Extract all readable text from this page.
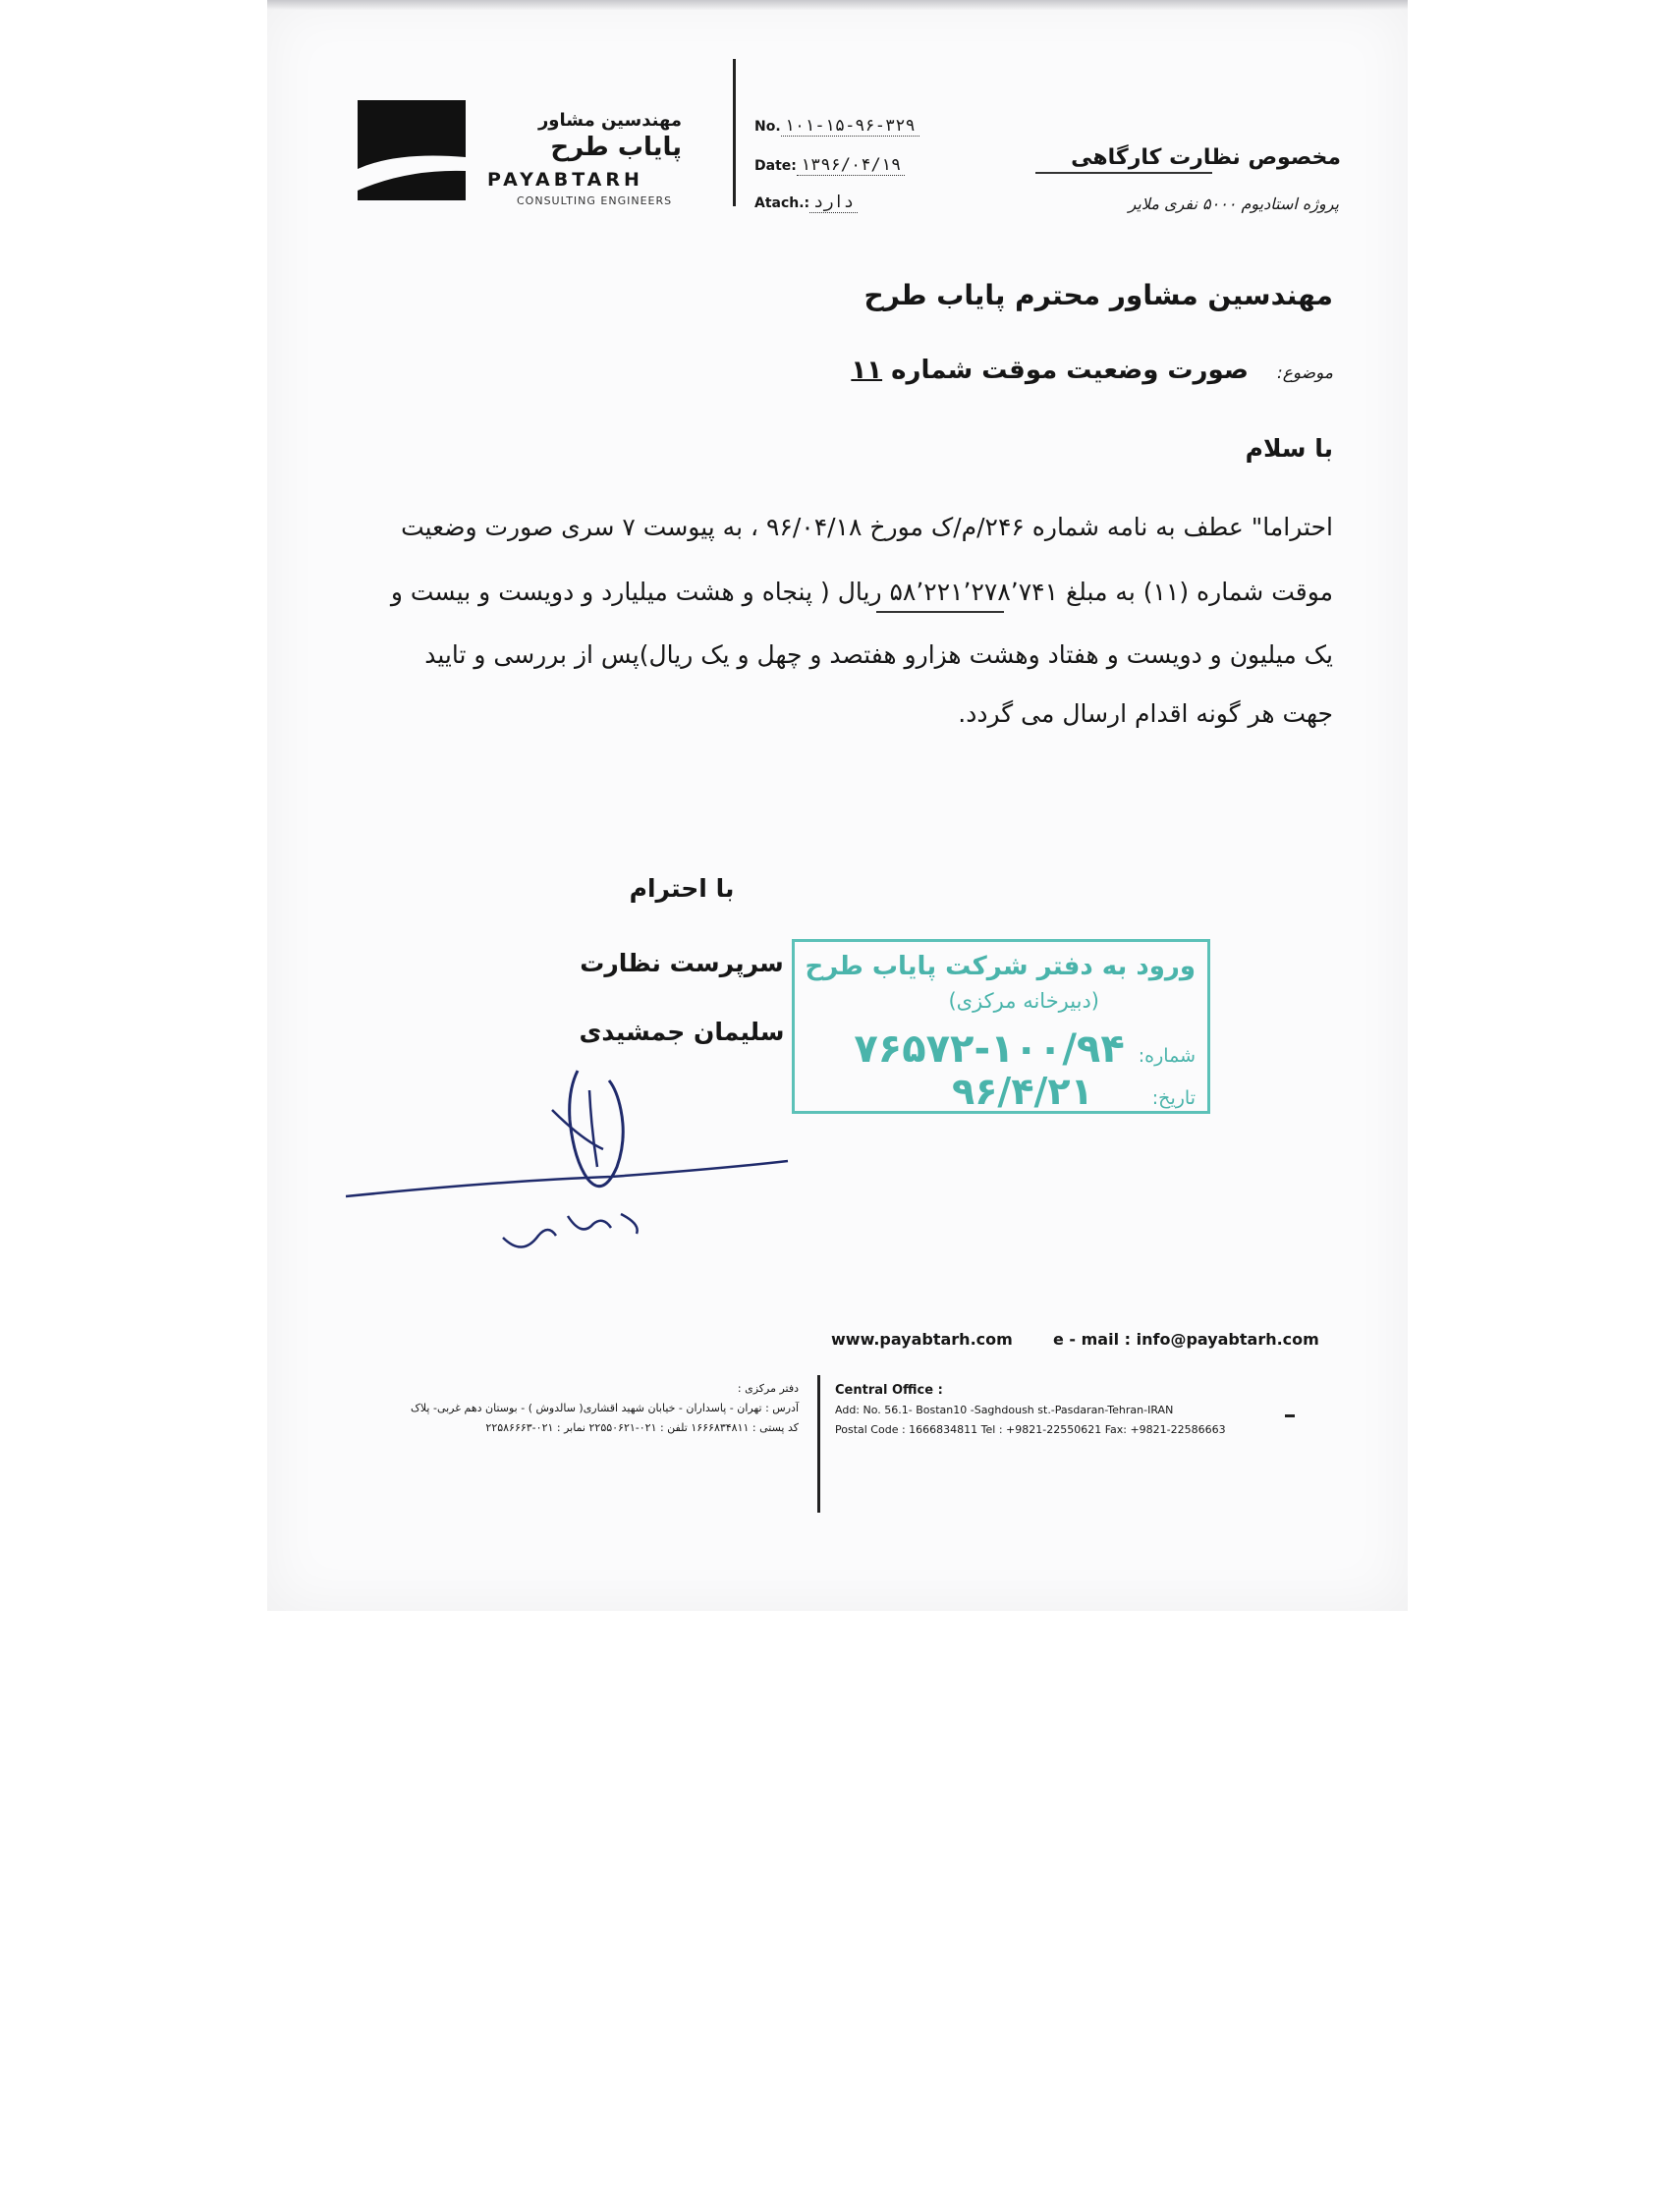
مهندسین مشاور
پایاب طرح
PAYABTARH
CONSULTING ENGINEERS
No. ۱۰۱-۱۵-۹۶-۳۲۹
Date: ۱۳۹۶/۰۴/۱۹
Atach.: دارد
مخصوص نظارت کارگاهی
پروژه استادیوم ۵۰۰۰ نفری ملایر
مهندسین مشاور محترم پایاب طرح
موضوع: صورت وضعیت موقت شماره ۱۱
با سلام
احتراما" عطف به نامه شماره ۲۴۶/م/ک مورخ ۹۶/۰۴/۱۸ ، به پیوست ۷ سری صورت وضعیت
موقت شماره (۱۱) به مبلغ ۵۸٬۲۲۱٬۲۷۸٬۷۴۱ ریال ( پنجاه و هشت میلیارد و دویست و بیست و
یک میلیون و دویست و هفتاد وهشت هزارو هفتصد و چهل و یک ریال)پس از بررسی و تایید
جهت هر گونه اقدام ارسال می گردد.
با احترام
سرپرست نظارت
سلیمان جمشیدی
ورود به دفتر شرکت پایاب طرح
(دبیرخانه مرکزی)
شماره:۱۰۰/۹۴-۷۶۵۷۲
تاریخ:۹۶/۴/۲۱
www.payabtarh.com	e - mail : info@payabtarh.com
Central Office :
Add: No. 56.1- Bostan10 -Saghdoush st.-Pasdaran-Tehran-IRAN
Postal Code : 1666834811 Tel : +9821-22550621 Fax: +9821-22586663
دفتر مرکزی :
آدرس : تهران - پاسداران - خیابان شهید اقشاری( سالدوش ) - بوستان دهم غربی- پلاک
کد پستی : ۱۶۶۶۸۳۴۸۱۱ تلفن : ۰۲۱-۲۲۵۵۰۶۲۱ نمابر : ۰۲۱-۲۲۵۸۶۶۶۳
